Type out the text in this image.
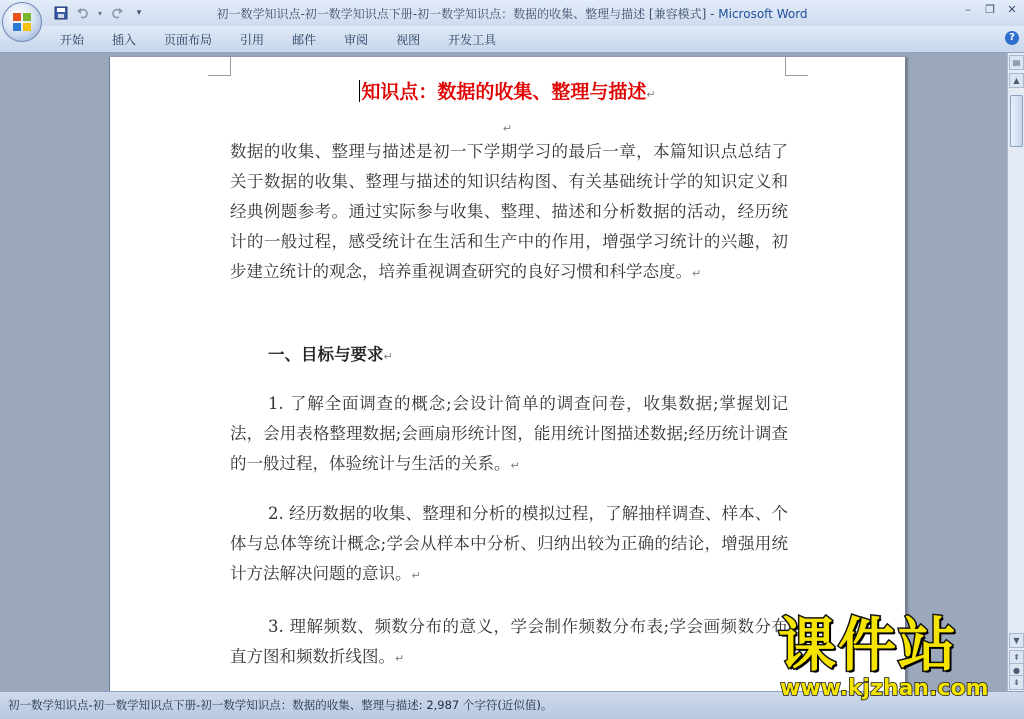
▾	▾	初一数学知识点-初一数学知识点下册-初一数学知识点：数据的收集、整理与描述 [兼容模式] - Microsoft Word	–	❐	✕
开始 插入 页面布局 引用 邮件 审阅 视图 开发工具	?
知识点：数据的收集、整理与描述↵
↵
数据的收集、整理与描述是初一下学期学习的最后一章，本篇知识点总结了关于数据的收集、整理与描述的知识结构图、有关基础统计学的知识定义和经典例题参考。通过实际参与收集、整理、描述和分析数据的活动，经历统计的一般过程，感受统计在生活和生产中的作用，增强学习统计的兴趣，初步建立统计的观念，培养重视调查研究的良好习惯和科学态度。↵
一、目标与要求↵
1. 了解全面调查的概念;会设计简单的调查问卷，收集数据;掌握划记法，会用表格整理数据;会画扇形统计图，能用统计图描述数据;经历统计调查的一般过程，体验统计与生活的关系。↵
2. 经历数据的收集、整理和分析的模拟过程，了解抽样调查、样本、个体与总体等统计概念;学会从样本中分析、归纳出较为正确的结论，增强用统计方法解决问题的意识。↵
3. 理解频数、频数分布的意义，学会制作频数分布表;学会画频数分布直方图和频数折线图。↵
▤
▲
▼
⇞
●
⇟
初一数学知识点-初一数学知识点下册-初一数学知识点：数据的收集、整理与描述: 2,987 个字符(近似值)。
课件站
www.kjzhan.com
